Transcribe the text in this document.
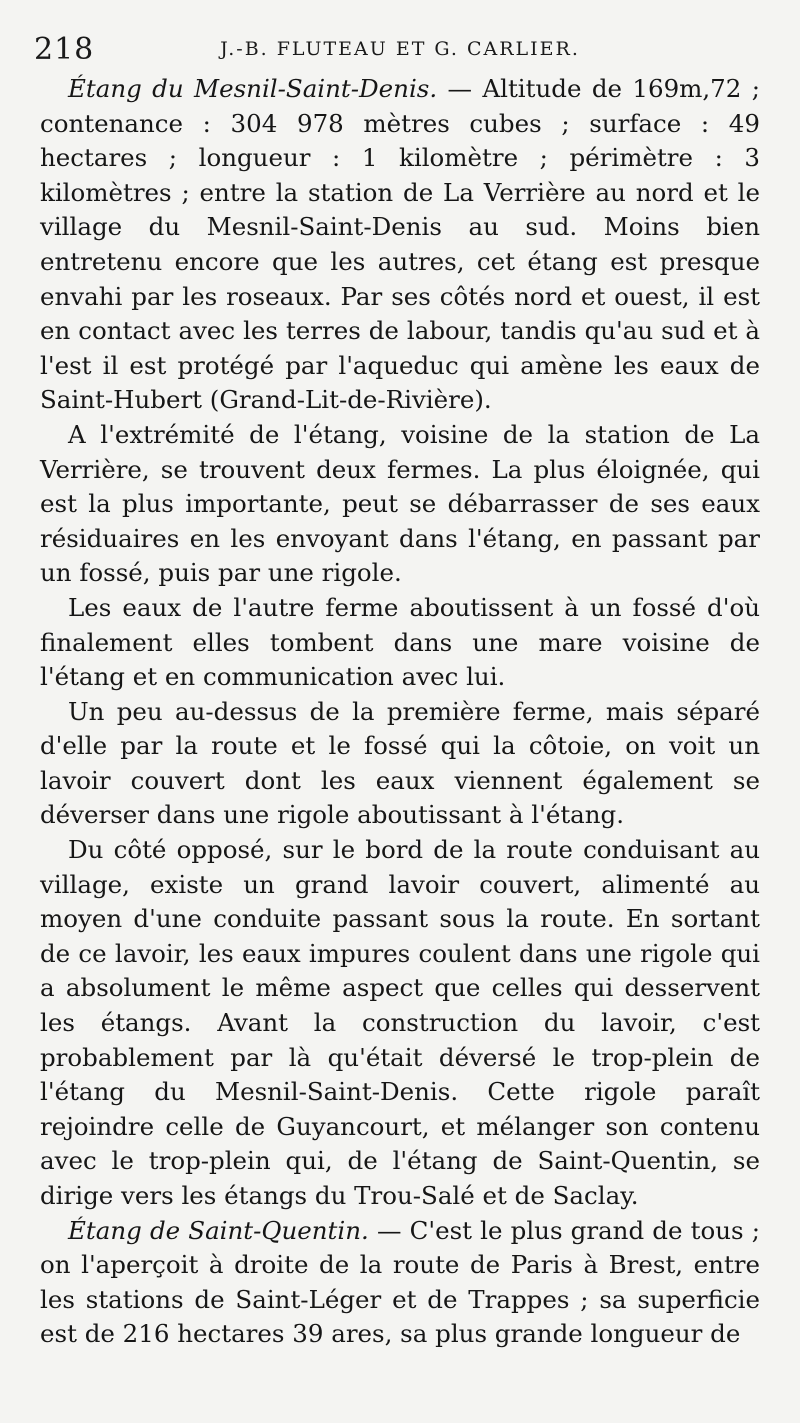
218	J.-B. FLUTEAU ET G. CARLIER.

Étang du Mesnil-Saint-Denis. — Altitude de 169m,72 ; contenance : 304 978 mètres cubes ; surface : 49 hectares ; longueur : 1 kilomètre ; périmètre : 3 kilomètres ; entre la station de La Verrière au nord et le village du Mesnil-Saint-Denis au sud. Moins bien entretenu encore que les autres, cet étang est presque envahi par les roseaux. Par ses côtés nord et ouest, il est en contact avec les terres de labour, tandis qu'au sud et à l'est il est protégé par l'aqueduc qui amène les eaux de Saint-Hubert (Grand-Lit-de-Rivière).

A l'extrémité de l'étang, voisine de la station de La Verrière, se trouvent deux fermes. La plus éloignée, qui est la plus importante, peut se débarrasser de ses eaux résiduaires en les envoyant dans l'étang, en passant par un fossé, puis par une rigole.

Les eaux de l'autre ferme aboutissent à un fossé d'où finalement elles tombent dans une mare voisine de l'étang et en communication avec lui.

Un peu au-dessus de la première ferme, mais séparé d'elle par la route et le fossé qui la côtoie, on voit un lavoir couvert dont les eaux viennent également se déverser dans une rigole aboutissant à l'étang.

Du côté opposé, sur le bord de la route conduisant au village, existe un grand lavoir couvert, alimenté au moyen d'une conduite passant sous la route. En sortant de ce lavoir, les eaux impures coulent dans une rigole qui a absolument le même aspect que celles qui desservent les étangs. Avant la construction du lavoir, c'est probablement par là qu'était déversé le trop-plein de l'étang du Mesnil-Saint-Denis. Cette rigole paraît rejoindre celle de Guyancourt, et mélanger son contenu avec le trop-plein qui, de l'étang de Saint-Quentin, se dirige vers les étangs du Trou-Salé et de Saclay.

Étang de Saint-Quentin. — C'est le plus grand de tous ; on l'aperçoit à droite de la route de Paris à Brest, entre les stations de Saint-Léger et de Trappes ; sa superficie est de 216 hectares 39 ares, sa plus grande longueur de
